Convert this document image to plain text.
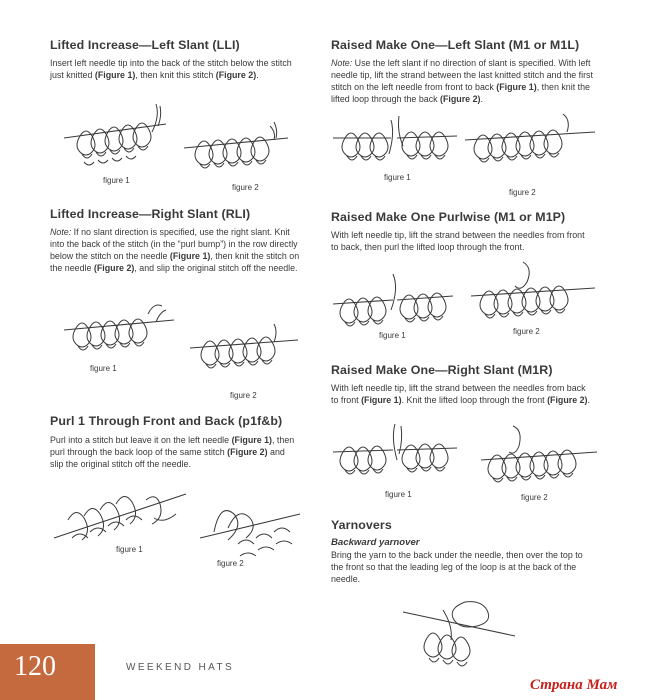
Lifted Increase—Left Slant (LLI)
Insert left needle tip into the back of the stitch below the stitch just knitted (Figure 1), then knit this stitch (Figure 2).
figure 1
figure 2
Lifted Increase—Right Slant (RLI)
Note: If no slant direction is specified, use the right slant. Knit into the back of the stitch (in the “purl bump”) in the row directly below the stitch on the needle (Figure 1), then knit the stitch on the needle (Figure 2), and slip the original stitch off the needle.
figure 1
figure 2
Purl 1 Through Front and Back (p1f&b)
Purl into a stitch but leave it on the left needle (Figure 1), then purl through the back loop of the same stitch (Figure 2) and slip the original stitch off the needle.
figure 1
figure 2
Raised Make One—Left Slant (M1 or M1L)
Note: Use the left slant if no direction of slant is specified. With left needle tip, lift the strand between the last knitted stitch and the first stitch on the left needle from front to back (Figure 1), then knit the lifted loop through the back (Figure 2).
figure 1
figure 2
Raised Make One Purlwise (M1 or M1P)
With left needle tip, lift the strand between the needles from front to back, then purl the lifted loop through the front.
figure 1	figure 2
Raised Make One—Right Slant (M1R)
With left needle tip, lift the strand between the needles from back to front (Figure 1). Knit the lifted loop through the front (Figure 2).
figure 1	figure 2
Yarnovers
Backward yarnover
Bring the yarn to the back under the needle, then over the top to the front so that the leading leg of the loop is at the back of the needle.
120	WEEKEND HATS
Страна Мам
